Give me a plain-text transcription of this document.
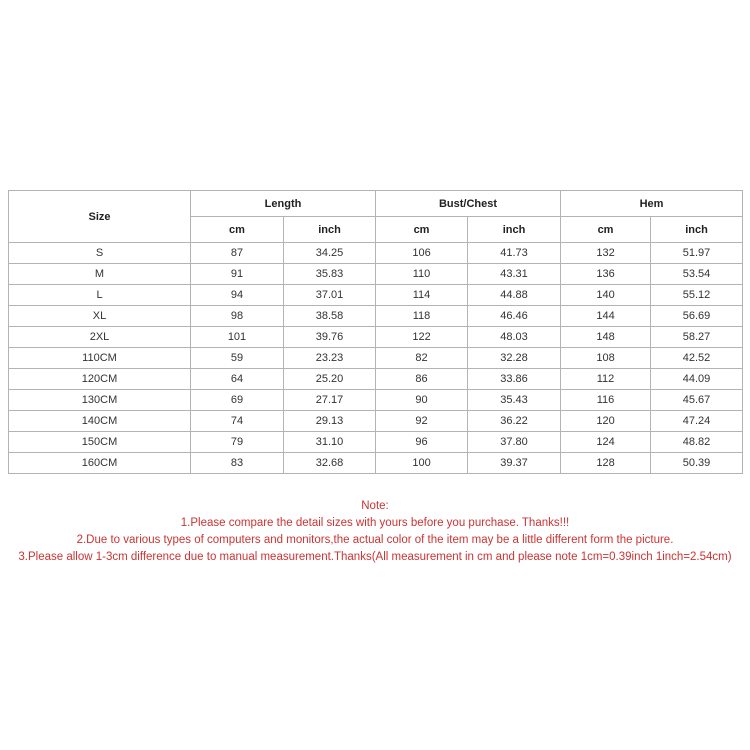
Size	Length		Bust/Chest		Hem	
	cm	inch	cm	inch	cm	inch
S	87	34.25	106	41.73	132	51.97
M	91	35.83	110	43.31	136	53.54
L	94	37.01	114	44.88	140	55.12
XL	98	38.58	118	46.46	144	56.69
2XL	101	39.76	122	48.03	148	58.27
110CM	59	23.23	82	32.28	108	42.52
120CM	64	25.20	86	33.86	112	44.09
130CM	69	27.17	90	35.43	116	45.67
140CM	74	29.13	92	36.22	120	47.24
150CM	79	31.10	96	37.80	124	48.82
160CM	83	32.68	100	39.37	128	50.39
Note:
1.Please compare the detail sizes with yours before you purchase. Thanks!!!
2.Due to various types of computers and monitors,the actual color of the item may be a little different form the picture.
3.Please allow 1-3cm difference due to manual measurement.Thanks(All measurement in cm and please note 1cm=0.39inch 1inch=2.54cm)
